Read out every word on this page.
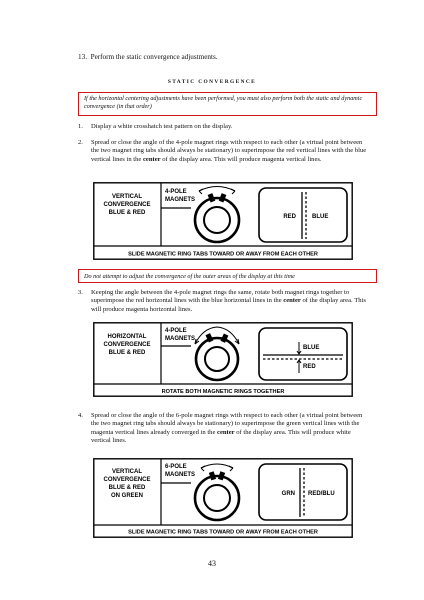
13. Perform the static convergence adjustments.
STATIC CONVERGENCE
If the horizontal centering adjustments have been performed, you must also perform both the static and dynamic convergence (in that order)
1. Display a white crosshatch test pattern on the display.
2. Spread or close the angle of the 4-pole magnet rings with respect to each other (a virtual point between the two magnet ring tabs should always be stationary) to superimpose the red vertical lines with the blue vertical lines in the center of the display area. This will produce magenta vertical lines.
VERTICAL
CONVERGENCE
BLUE & RED
4-POLE
MAGNETS
RED	BLUE
SLIDE MAGNETIC RING TABS TOWARD OR AWAY FROM EACH OTHER
Do not attempt to adjust the convergence of the outer areas of the display at this time
3. Keeping the angle between the 4-pole magnet rings the same, rotate both magnet rings together to superimpose the red horizontal lines with the blue horizontal lines in the center of the display area. This will produce magenta horizontal lines.
HORIZONTAL
CONVERGENCE
BLUE & RED
4-POLE
MAGNETS
BLUE
RED
ROTATE BOTH MAGNETIC RINGS TOGETHER
4. Spread or close the angle of the 6-pole magnet rings with respect to each other (a virtual point between the two magnet ring tabs should always be stationary) to superimpose the green vertical lines with the magenta vertical lines already converged in the center of the display area. This will produce white vertical lines.
VERTICAL
CONVERGENCE
BLUE & RED
ON GREEN
6-POLE
MAGNETS
GRN RED/BLU
SLIDE MAGNETIC RING TABS TOWARD OR AWAY FROM EACH OTHER
43
